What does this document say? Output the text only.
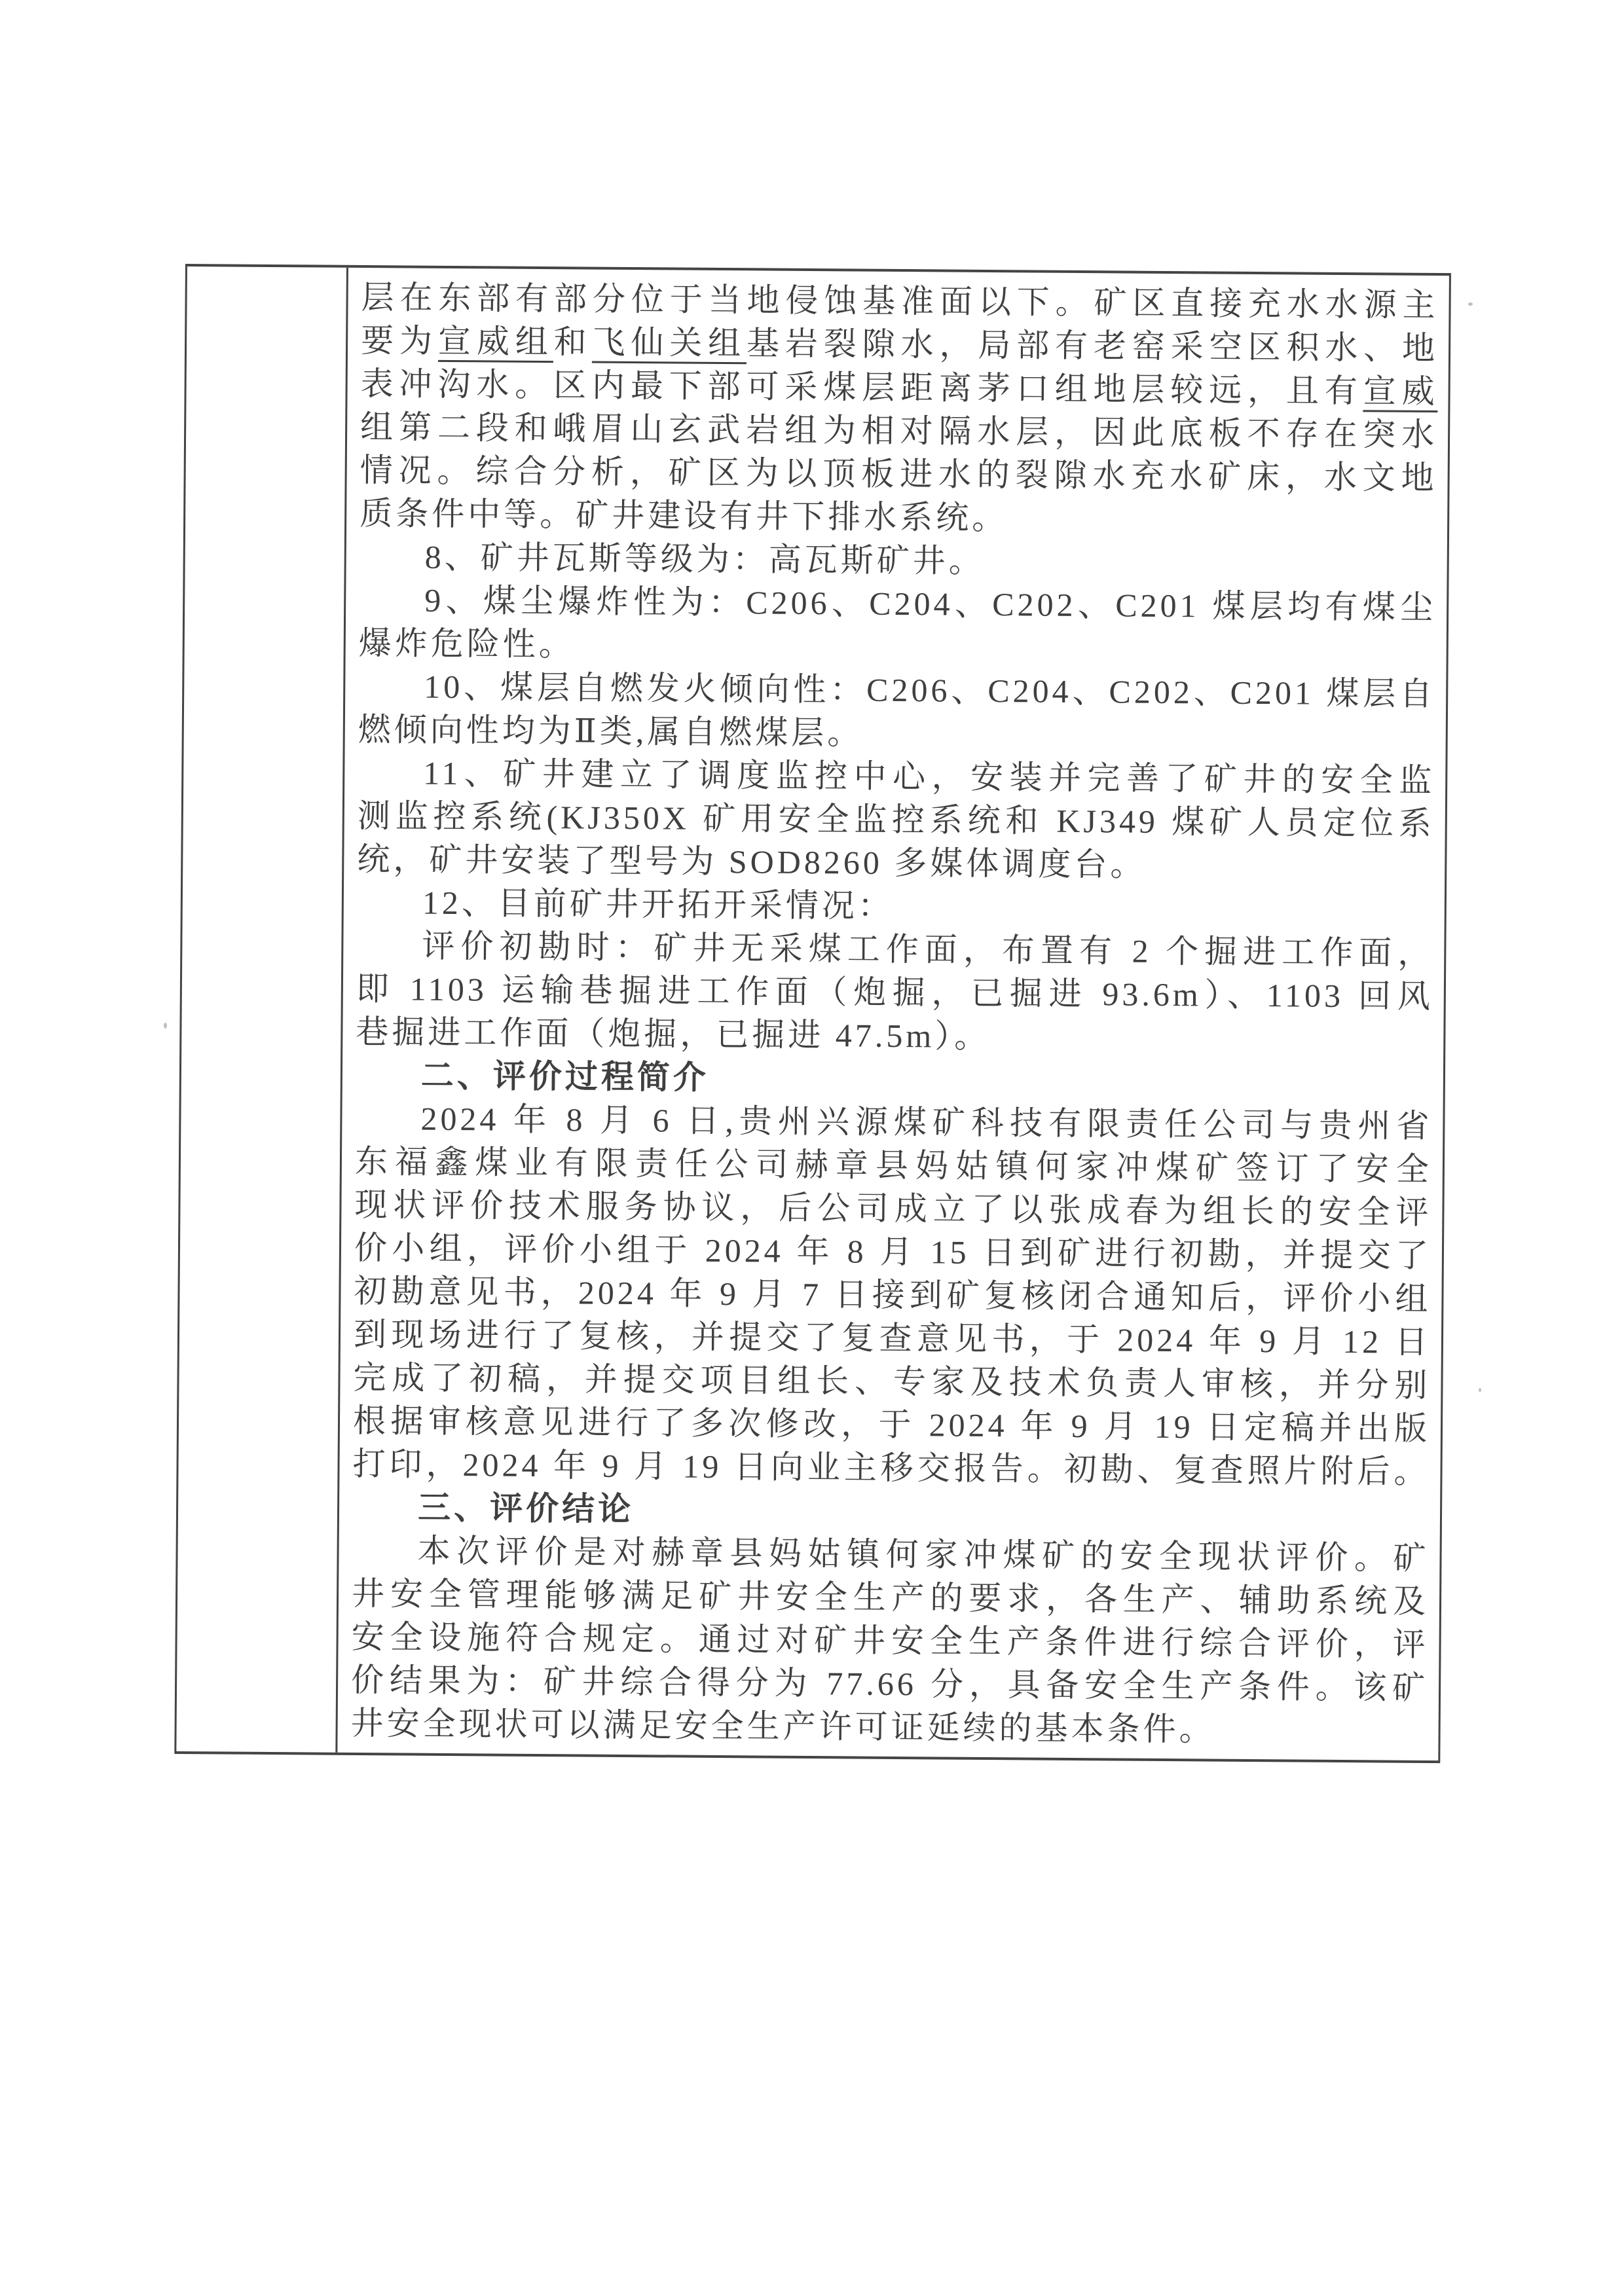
层在东部有部分位于当地侵蚀基准面以下。矿区直接充水水源主
要为宣威组和飞仙关组基岩裂隙水，局部有老窑采空区积水、地
表冲沟水。区内最下部可采煤层距离茅口组地层较远，且有宣威
组第二段和峨眉山玄武岩组为相对隔水层，因此底板不存在突水
情况。综合分析，矿区为以顶板进水的裂隙水充水矿床，水文地
质条件中等。矿井建设有井下排水系统。
8、矿井瓦斯等级为：高瓦斯矿井。
9、煤尘爆炸性为：C206、C204、C202、C201 煤层均有煤尘
爆炸危险性。
10、煤层自燃发火倾向性：C206、C204、C202、C201 煤层自
燃倾向性均为Ⅱ类,属自燃煤层。
11、矿井建立了调度监控中心，安装并完善了矿井的安全监
测监控系统(KJ350X 矿用安全监控系统和 KJ349 煤矿人员定位系
统，矿井安装了型号为 SOD8260 多媒体调度台。
12、目前矿井开拓开采情况：
评价初勘时：矿井无采煤工作面，布置有 2 个掘进工作面，
即 1103 运输巷掘进工作面（炮掘，已掘进 93.6m）、1103 回风
巷掘进工作面（炮掘，已掘进 47.5m）。
二、评价过程简介
2024 年 8 月 6 日,贵州兴源煤矿科技有限责任公司与贵州省
东福鑫煤业有限责任公司赫章县妈姑镇何家冲煤矿签订了安全
现状评价技术服务协议，后公司成立了以张成春为组长的安全评
价小组，评价小组于 2024 年 8 月 15 日到矿进行初勘，并提交了
初勘意见书，2024 年 9 月 7 日接到矿复核闭合通知后，评价小组
到现场进行了复核，并提交了复查意见书，于 2024 年 9 月 12 日
完成了初稿，并提交项目组长、专家及技术负责人审核，并分别
根据审核意见进行了多次修改，于 2024 年 9 月 19 日定稿并出版
打印，2024 年 9 月 19 日向业主移交报告。初勘、复查照片附后。
三、评价结论
本次评价是对赫章县妈姑镇何家冲煤矿的安全现状评价。矿
井安全管理能够满足矿井安全生产的要求，各生产、辅助系统及
安全设施符合规定。通过对矿井安全生产条件进行综合评价，评
价结果为：矿井综合得分为 77.66 分，具备安全生产条件。该矿
井安全现状可以满足安全生产许可证延续的基本条件。
